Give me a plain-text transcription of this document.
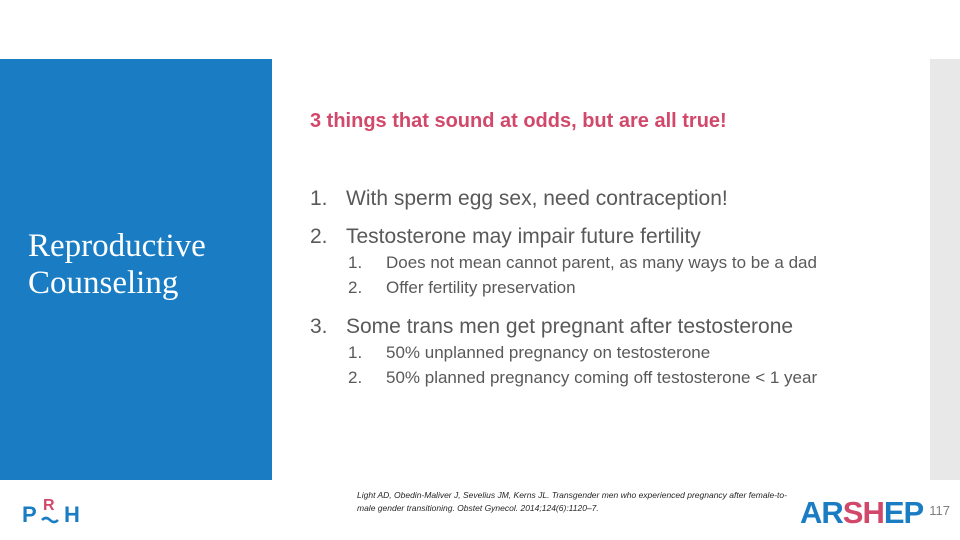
Reproductive Counseling
3 things that sound at odds, but are all true!
1. With sperm egg sex, need contraception!
2. Testosterone may impair future fertility
1.	Does not mean cannot parent, as many ways to be a dad
2.	Offer fertility preservation
3. Some trans men get pregnant after testosterone
1.	50% unplanned pregnancy on testosterone
2.	50% planned pregnancy coming off testosterone < 1 year
Light AD, Obedin-Maliver J, Sevelius JM, Kerns JL. Transgender men who experienced pregnancy after female-to-male gender transitioning. Obstet Gynecol. 2014;124(6):1120–7.
P R H	ARSHEP 117
